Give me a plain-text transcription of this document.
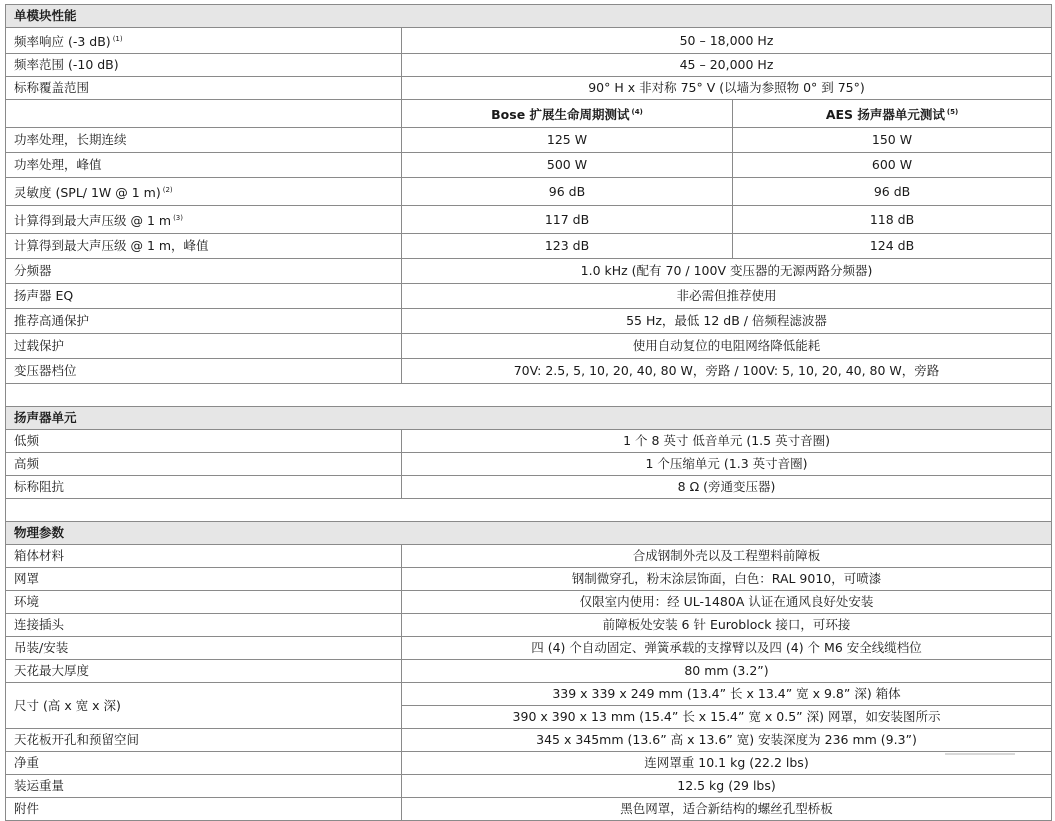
单模块性能		
频率响应 (-3 dB) $^{(1)}$	50 – 18,000 Hz	
频率范围 (-10 dB)	45 – 20,000 Hz	
标称覆盖范围	90° H x 非对称 75° V (以墙为参照物 0° 到 75°)	
	Bose 扩展生命周期测试 $^{(4)}$	AES 扬声器单元测试 $^{(5)}$
功率处理，长期连续	125 W	150 W
功率处理，峰值	500 W	600 W
灵敏度 (SPL/ 1W @ 1 m) $^{(2)}$	96 dB	96 dB
计算得到最大声压级 @ 1 m $^{(3)}$	117 dB	118 dB
计算得到最大声压级 @ 1 m，峰值	123 dB	124 dB
分频器	1.0 kHz (配有 70 / 100V 变压器的无源两路分频器)	
扬声器 EQ	非必需但推荐使用	
推荐高通保护	55 Hz，最低 12 dB / 倍频程滤波器	
过载保护	使用自动复位的电阻网络降低能耗	
变压器档位	70V: 2.5, 5, 10, 20, 40, 80 W，旁路 / 100V: 5, 10, 20, 40, 80 W，旁路	

扬声器单元		
低频	1 个 8 英寸 低音单元 (1.5 英寸音圈)	
高频	1 个压缩单元 (1.3 英寸音圈)	
标称阻抗	8 Ω (旁通变压器)	

物理参数		
箱体材料	合成钢制外壳以及工程塑料前障板	
网罩	钢制微穿孔，粉末涂层饰面，白色：RAL 9010，可喷漆	
环境	仅限室内使用：经 UL-1480A 认证在通风良好处安装	
连接插头	前障板处安装 6 针 Euroblock 接口，可环接	
吊装/安装	四 (4) 个自动固定、弹簧承载的支撑臂以及四 (4) 个 M6 安全线缆档位	
天花最大厚度	80 mm (3.2”)	
尺寸 (高 x 宽 x 深)	339 x 339 x 249 mm (13.4” 长 x 13.4” 宽 x 9.8” 深) 箱体	
	390 x 390 x 13 mm (15.4” 长 x 15.4” 宽 x 0.5” 深) 网罩，如安装图所示	
天花板开孔和预留空间	345 x 345mm (13.6” 高 x 13.6” 宽) 安装深度为 236 mm (9.3”)	
净重	连网罩重 10.1 kg (22.2 lbs)	
装运重量	12.5 kg (29 lbs)	
附件	黑色网罩，适合新结构的螺丝孔型桥板	
